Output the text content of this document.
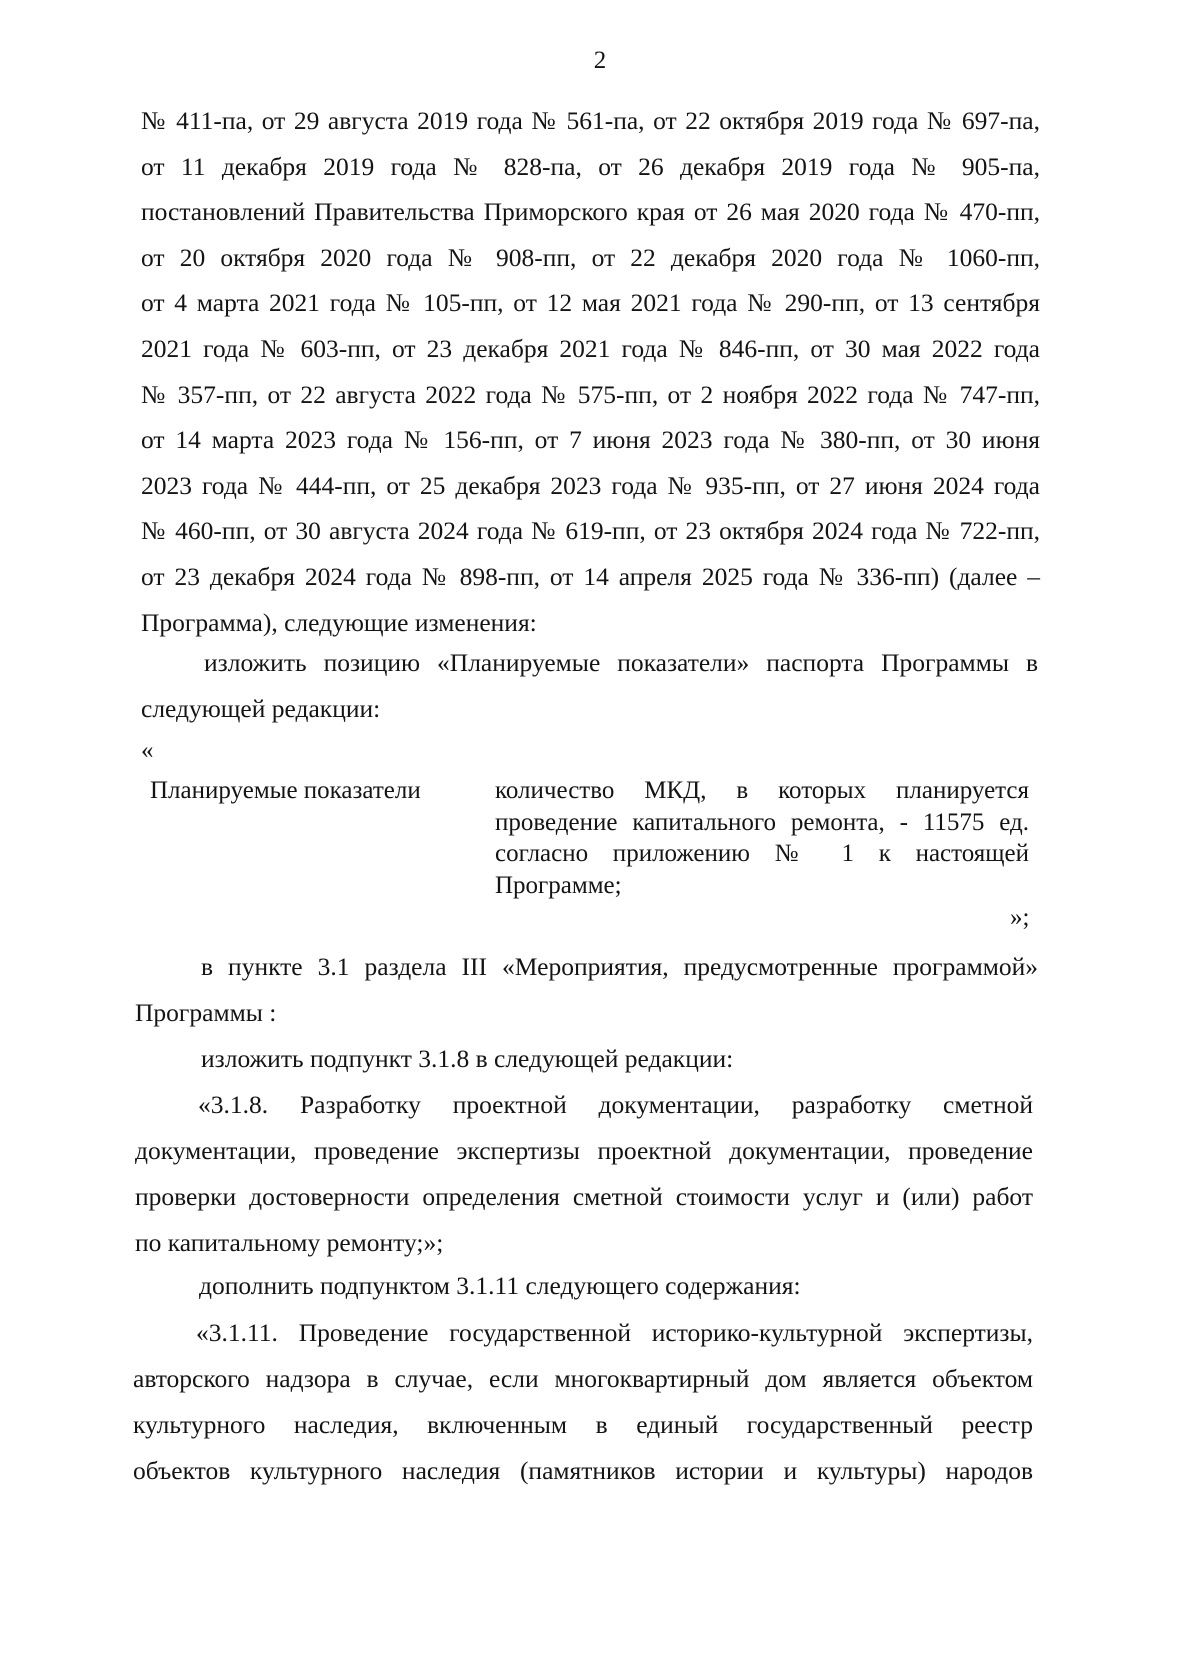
2
№ 411-па, от 29 августа 2019 года № 561-па, от 22 октября 2019 года № 697-па,
от 11 декабря 2019 года № 828-па, от 26 декабря 2019 года № 905-па,
постановлений Правительства Приморского края от 26 мая 2020 года № 470-пп,
от 20 октября 2020 года № 908-пп, от 22 декабря 2020 года № 1060-пп,
от 4 марта 2021 года № 105-пп, от 12 мая 2021 года № 290-пп, от 13 сентября
2021 года № 603-пп, от 23 декабря 2021 года № 846-пп, от 30 мая 2022 года
№ 357-пп, от 22 августа 2022 года № 575-пп, от 2 ноября 2022 года № 747-пп,
от 14 марта 2023 года № 156-пп, от 7 июня 2023 года № 380-пп, от 30 июня
2023 года № 444-пп, от 25 декабря 2023 года № 935-пп, от 27 июня 2024 года
№ 460-пп, от 30 августа 2024 года № 619-пп, от 23 октября 2024 года № 722-пп,
от 23 декабря 2024 года № 898-пп, от 14 апреля 2025 года № 336-пп) (далее –
Программа), следующие изменения:
изложить позицию «Планируемые показатели» паспорта Программы в
следующей редакции:
«
Планируемые показатели	количество МКД, в которых планируется
проведение капитального ремонта, - 11575 ед.
согласно приложению № 1 к настоящей
Программе;
»;
в пункте 3.1 раздела III «Мероприятия, предусмотренные программой»
Программы :
изложить подпункт 3.1.8 в следующей редакции:
«3.1.8. Разработку проектной документации, разработку сметной
документации, проведение экспертизы проектной документации, проведение
проверки достоверности определения сметной стоимости услуг и (или) работ
по капитальному ремонту;»;
дополнить подпунктом 3.1.11 следующего содержания:
«3.1.11. Проведение государственной историко-культурной экспертизы,
авторского надзора в случае, если многоквартирный дом является объектом
культурного наследия, включенным в единый государственный реестр
объектов культурного наследия (памятников истории и культуры) народов
